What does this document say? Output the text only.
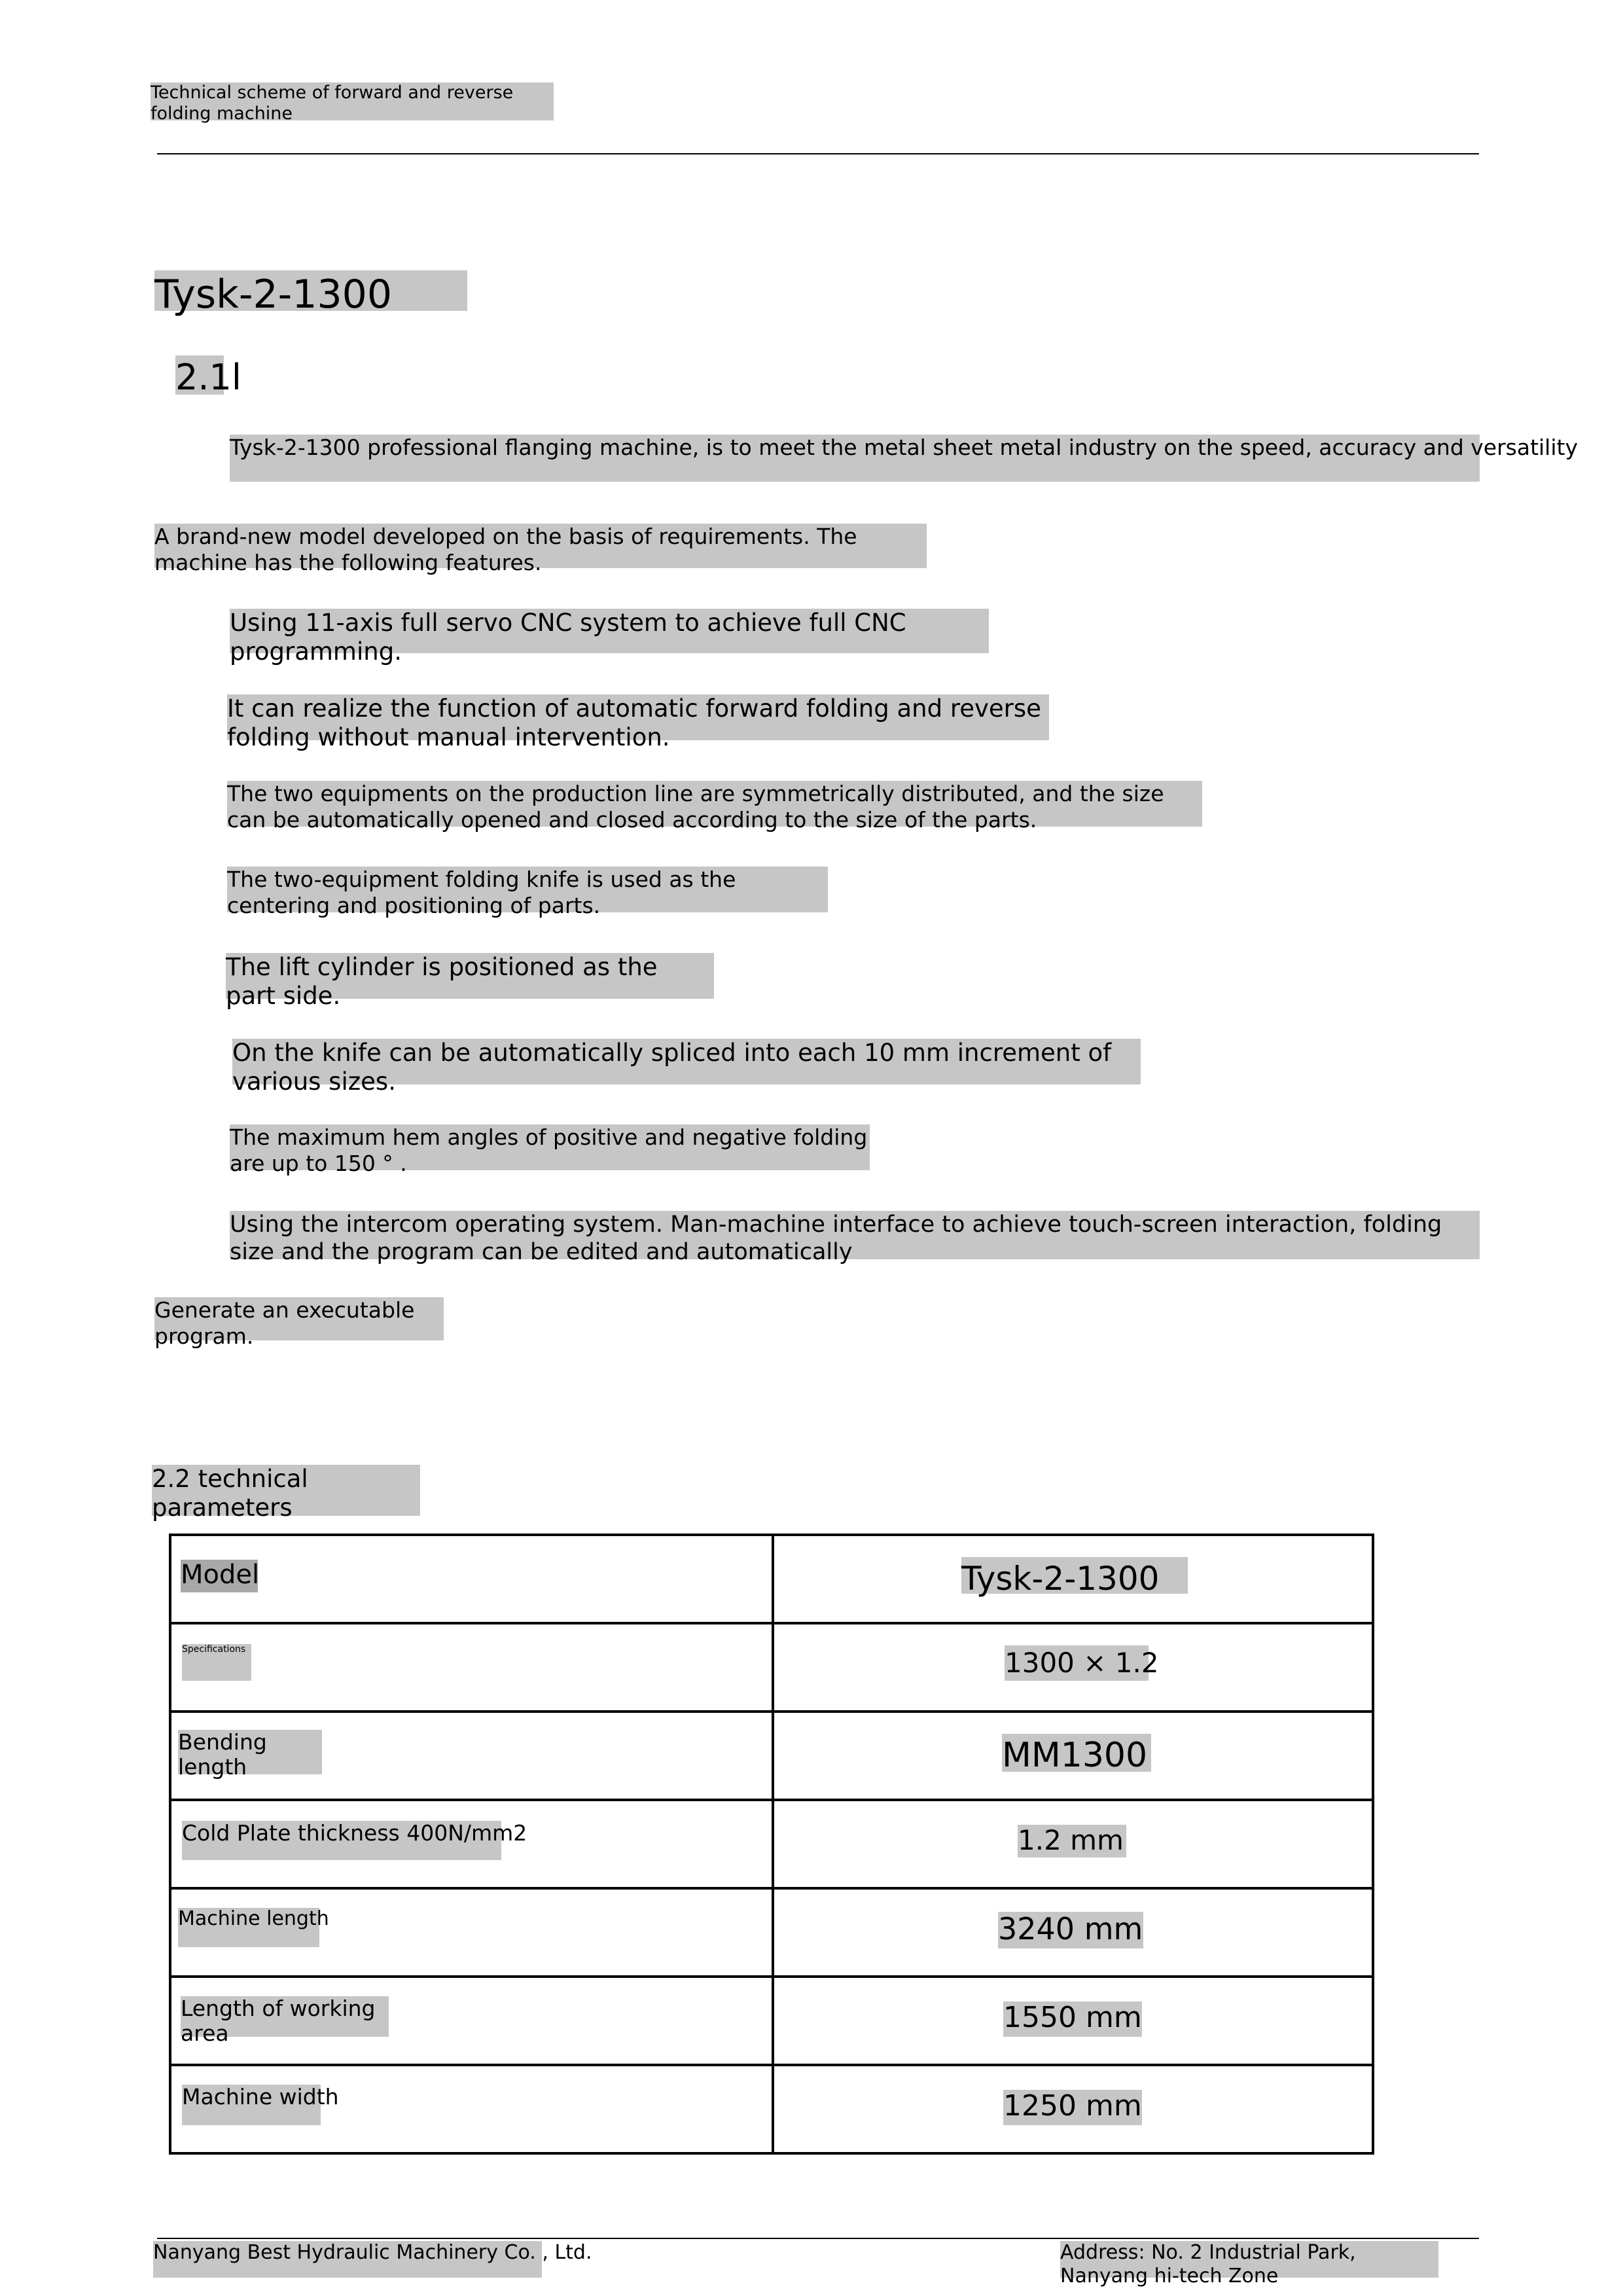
Technical scheme of forward and reverse folding machine
Tysk-2-1300
2.1l
Tysk-2-1300 professional flanging machine, is to meet the metal sheet metal industry on the speed, accuracy and versatility
A brand-new model developed on the basis of requirements. The machine has the following features.
Using 11-axis full servo CNC system to achieve full CNC programming.
It can realize the function of automatic forward folding and reverse folding without manual intervention.
The two equipments on the production line are symmetrically distributed, and the size can be automatically opened and closed according to the size of the parts.
The two-equipment folding knife is used as the centering and positioning of parts.
The lift cylinder is positioned as the part side.
On the knife can be automatically spliced into each 10 mm increment of various sizes.
The maximum hem angles of positive and negative folding are up to 150 ° .
Using the intercom operating system. Man-machine interface to achieve touch-screen interaction, folding size and the program can be edited and automatically
Generate an executable program.
2.2 technical parameters
Model	Tysk-2-1300

Specifications	1300 × 1.2

Bending length	MM1300

Cold Plate thickness 400N/mm2	1.2 mm

Machine length	3240 mm

Length of working area	1550 mm

Machine width	1250 mm
Nanyang Best Hydraulic Machinery Co. , Ltd.	Address: No. 2 Industrial Park, Nanyang hi-tech Zone
